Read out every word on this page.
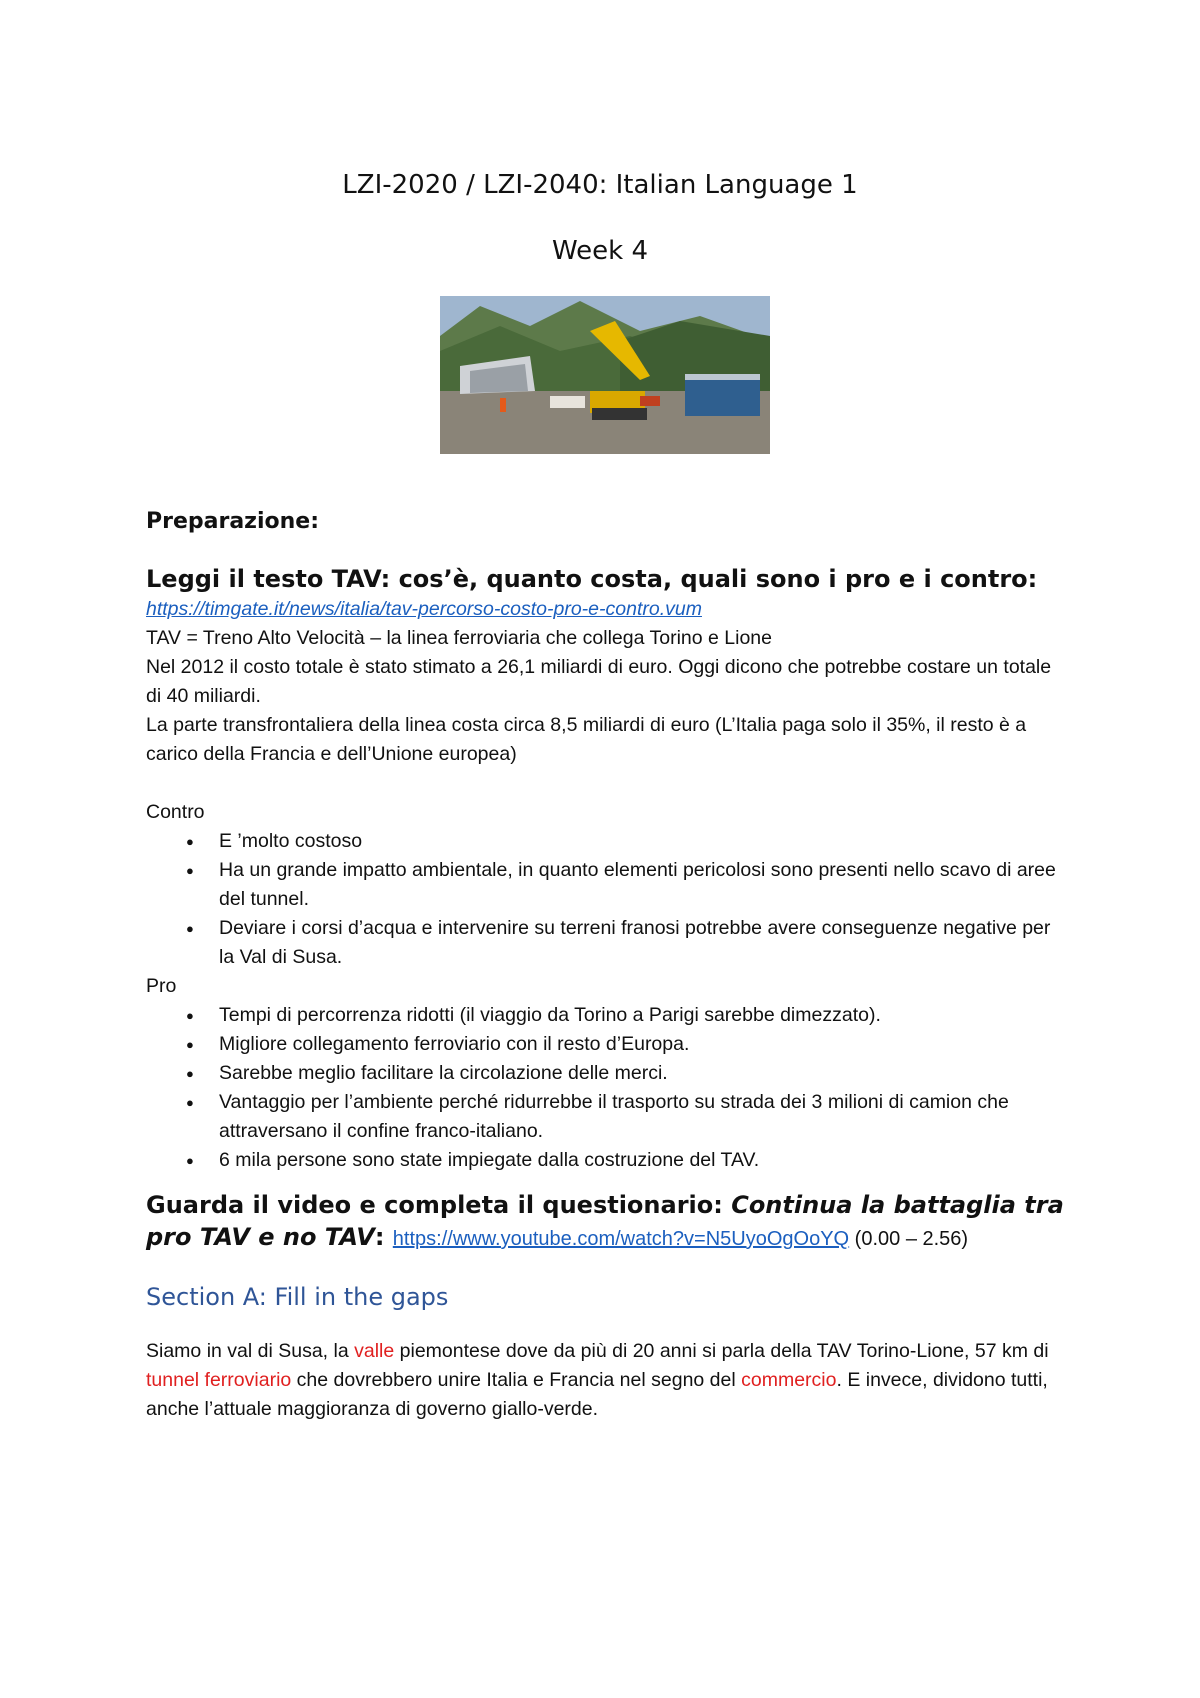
LZI-2020 / LZI-2040: Italian Language 1
Week 4

Preparazione:

Leggi il testo TAV: cos’è, quanto costa, quali sono i pro e i contro:

https://timgate.it/news/italia/tav-percorso-costo-pro-e-contro.vum

TAV = Treno Alto Velocità – la linea ferroviaria che collega Torino e Lione

Nel 2012 il costo totale è stato stimato a 26,1 miliardi di euro. Oggi dicono che potrebbe costare un totale di 40 miliardi.

La parte transfrontaliera della linea costa circa 8,5 miliardi di euro (L’Italia paga solo il 35%, il resto è a carico della Francia e dell’Unione europea)

Contro

● E ’molto costoso
● Ha un grande impatto ambientale, in quanto elementi pericolosi sono presenti nello scavo di aree del tunnel.
● Deviare i corsi d’acqua e intervenire su terreni franosi potrebbe avere conseguenze negative per la Val di Susa.

Pro

● Tempi di percorrenza ridotti (il viaggio da Torino a Parigi sarebbe dimezzato).
● Migliore collegamento ferroviario con il resto d’Europa.
● Sarebbe meglio facilitare la circolazione delle merci.
● Vantaggio per l’ambiente perché ridurrebbe il trasporto su strada dei 3 milioni di camion che attraversano il confine franco-italiano.
● 6 mila persone sono state impiegate dalla costruzione del TAV.

Guarda il video e completa il questionario: Continua la battaglia tra pro TAV e no TAV: https://www.youtube.com/watch?v=N5UyoOgOoYQ (0.00 – 2.56)

Section A: Fill in the gaps

Siamo in val di Susa, la valle piemontese dove da più di 20 anni si parla della TAV Torino-Lione, 57 km di tunnel ferroviario che dovrebbero unire Italia e Francia nel segno del commercio. E invece, dividono tutti, anche l’attuale maggioranza di governo giallo-verde.
